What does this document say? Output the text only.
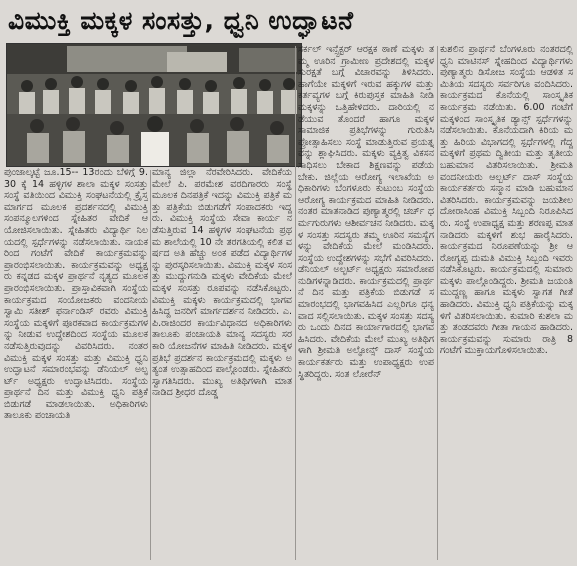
ವಿಮುಕ್ತಿ ಮಕ್ಕಳ ಸಂಸತ್ತು, ಧ್ವನಿ ಉದ್ಘಾಟನೆ

ಪುಂಜಾಲ್ಕಟ್ಟೆ ಜೂ.15-- 13ರಂದು ಬೆಳಿಗ್ಗೆ 9.30 ಕ್ಕೆ 14 ಹಳ್ಳಿಗಳ ಶಾಲಾ ಮಕ್ಕಳ ಸಂಸತ್ತು ಸಂಸ್ಥೆ ವತಿಯಿಂದ ವಿಮುಕ್ತಿ ಸಂಘಟನೆಯಲ್ಲಿ ಕ್ರೈಸ್ತ ಮಾರ್ಗದ ಮೂಲಕ ಪ್ರದರ್ಶನದಲ್ಲಿ ವಿಮುಕ್ತಿ ಸಂಪನ್ಮೂಲಗಳಿಂದ ಸ್ನೇಹಿತರ ವೇದಿಕೆ ಆಯೋಜಿಸಲಾಯಿತು. ಸ್ನೇಹಿತರು ವಿದ್ಯಾರ್ಥಿ ನಿಲಯದಲ್ಲಿ ಸ್ಪರ್ಧೆಗಳನ್ನು ನಡೆಸಲಾಯಿತು. ನಾಯಕರಿಂದ ಗಂಟೆಗೆ ವೇದಿಕೆ ಕಾರ್ಯಕ್ರಮವನ್ನು ಪ್ರಾರಂಭಿಸಲಾಯಿತು. ಕಾರ್ಯಕ್ರಮವನ್ನು ಅಧ್ಯಕ್ಷರು ಕನ್ನಡದ ಮಕ್ಕಳ ಪ್ರಾರ್ಥನೆ ನೃತ್ಯದ ಮೂಲಕ ಪ್ರಾರಂಭಿಸಲಾಯಿತು. ಪ್ರಾಸ್ತಾವಿಕವಾಗಿ ಸಂಸ್ಥೆಯ ಕಾರ್ಯಕ್ರಮದ ಸಂಯೋಜಕರು ವಂದನೀಯ ಸ್ವಾಮಿ ಸತೀಶ್ ಫರ್ನಾಂಡಿಸ್ ರವರು ವಿಮುಕ್ತಿ ಸಂಸ್ಥೆಯ ಮಕ್ಕಳಿಗೆ ಪೂರಕವಾದ ಕಾರ್ಯಕ್ರಮಗಳನ್ನು ನೀಡುವ ಉದ್ದೇಶದಿಂದ ಸಂಸ್ಥೆಯ ಮೂಲಕ ನಡೆಸುತ್ತಿರುವುದನ್ನು ವಿವರಿಸಿದರು. ನಂತರ ವಿಮುಕ್ತಿ ಮಕ್ಕಳ ಸಂಸತ್ತು ಮತ್ತು ವಿಮುಕ್ತಿ ಧ್ವನಿ ಉದ್ಘಾಟನೆ ಸಮಾರಂಭವನ್ನು ಡೆನಿಯಲ್ ಅಲ್ಫರ್ಟ್ ಅಧ್ಯಕ್ಷರು ಉದ್ಘಾಟಿಸಿದರು. ಸಂಸ್ಥೆಯ ಪ್ರಾರ್ಥನೆ ದಿನ ಮತ್ತು ವಿಮುಕ್ತಿ ಧ್ವನಿ ಪತ್ರಿಕೆ ಬಿಡುಗಡೆ ಮಾಡಲಾಯಿತು. ಅಧಿಕಾರಿಗಳು ತಾಲೂಕು ಪಂಚಾಯತಿ

ಮಾನ್ಯ ಜಿಲ್ಲಾ ನೆರವೇರಿಸಿದರು. ವೇದಿಕೆಯ ಮೇಲೆ ಪಿ. ಪರಮೇಶ ವರದಿಗಾರರು ಸಂಸ್ಥೆ ಮೂಲಕ ದಿನಪತ್ರಿಕೆ ಇದನ್ನು ವಿಮುಕ್ತಿ ಪತ್ರಿಕೆ ಮತ್ತು ಪತ್ರಿಕೆಯ ಬಿಡುಗಡೆಗೆ ಸಂಪಾದಕರು ಇದ್ದರು. ವಿಮುಕ್ತಿ ಸಂಸ್ಥೆಯ ಸೇವಾ ಕಾರ್ಯ ನಡೆಸುತ್ತಿರುವ 14 ಹಳ್ಳಿಗಳ ಸಂಘಟನೆಯ ಪ್ರಥಮ ಶಾಲೆಯಲ್ಲಿ 10 ನೇ ತರಗತಿಯಲ್ಲಿ ಕಲಿತ ವರ್ಷದ ಅತಿ ಹೆಚ್ಚು ಅಂಕ ಪಡೆದ ವಿದ್ಯಾರ್ಥಿಗಳನ್ನು ಪುರಸ್ಕರಿಸಲಾಯಿತು. ವಿಮುಕ್ತಿ ಮಕ್ಕಳ ಸಂಸತ್ತು ಮುದ್ದುಗನುಡಿ ಮಕ್ಕಳು ವೇದಿಕೆಯ ಮೇಲೆ ಮಕ್ಕಳ ಸಂಸತ್ತು ರೂಪವನ್ನು ನಡೆಸಿಕೊಟ್ಟರು. ವಿಮುಕ್ತಿ ಮಕ್ಕಳು ಕಾರ್ಯಕ್ರಮದಲ್ಲಿ ಭಾಗವಹಿಸಿದ್ದ ಜನರಿಗೆ ಮಾರ್ಗದರ್ಶನ ನೀಡಿದರು. ಎ.ಪಿ.ರಾಜಿಂದರ ಕಾರ್ಯವಿಧಾನದ ಅಧಿಕಾರಿಗಳು ತಾಲೂಕು ಪಂಚಾಯತಿ ಮಾನ್ಯ ಸದಸ್ಯರು ಸರಕಾರಿ ಯೋಜನೆಗಳ ಮಾಹಿತಿ ನೀಡಿದರು. ಮಕ್ಕಳ ಪ್ರತಿಭೆ ಪ್ರದರ್ಶನ ಕಾರ್ಯಕ್ರಮದಲ್ಲಿ ಮಕ್ಕಳು ಅತ್ಯಂತ ಉತ್ಸಾಹದಿಂದ ಪಾಲ್ಗೊಂಡರು. ಸ್ನೇಹಿತರು ಸ್ವಾಗತಿಸಿದರು. ಮುಖ್ಯ ಅತಿಥಿಗಳಾಗಿ ಮಾತನಾಡಿದ ಶ್ರೀಧರ ದೊಡ್ಡ

ಸರ್ಕಲ್ ಇನ್ಸ್ಪೆಕ್ಟರ್ ಆರಕ್ಷಕ ಠಾಣೆ ಮಕ್ಕಳು ತಮ್ಮ ಊರಿನ ಗ್ರಾಮೀಣ ಪ್ರದೇಶದಲ್ಲಿ ಮಕ್ಕಳ ಸುರಕ್ಷತೆ ಬಗ್ಗೆ ವಿಚಾರವನ್ನು ತಿಳಿಸಿದರು. ಹಾಗೆಯೇ ಮಕ್ಕಳಿಗೆ ಇರುವ ಹಕ್ಕುಗಳ ಮತ್ತು ಕರ್ತವ್ಯಗಳ ಬಗ್ಗೆ ಕಿರುಪುಸ್ತಕ ಮಾಹಿತಿ ನೀಡಿ ಮಕ್ಕಳನ್ನು ಒತ್ತಿಹೇಳಿದರು. ದಾರಿಯಲ್ಲಿ ನಡೆಯುವ ತೊಂದರೆ ಹಾಗೂ ಮಕ್ಕಳ ಸಾಮಾಜಿಕ ಪ್ರತಿಭೆಗಳನ್ನು ಗುರುತಿಸಿ ಪ್ರೋತ್ಸಾಹಿಸಲು ಸಂಸ್ಥೆ ಮಾಡುತ್ತಿರುವ ಪ್ರಯತ್ನವನ್ನು ಶ್ಲಾಘಿಸಿದರು. ಮಕ್ಕಳು ವ್ಯಕ್ತಿತ್ವ ವಿಕಸನ ಸಾಧಿಸಲು ಬೇಕಾದ ಶಿಕ್ಷಣವನ್ನು ಪಡೆಯಬೇಕು. ಜಿಲ್ಲೆಯ ಆರೋಗ್ಯ ಇಲಾಖೆಯ ಅಧಿಕಾರಿಗಳು ಬೆಂಗಳೂರು ಕುಟುಂಬ ಸಂಸ್ಥೆಯ ಆರೋಗ್ಯ ಕಾರ್ಯಕ್ರಮದ ಮಾಹಿತಿ ನೀಡಿದರು. ನಂತರ ಮಾತನಾಡಿದ ಪುಣ್ಯಾತ್ಮರಲ್ಲಿ ಚರ್ಚ್ ಧರ್ಮಗುರುಗಳು ಆಶೀರ್ವಚನ ನೀಡಿದರು. ಮಕ್ಕಳ ಸಂಸತ್ತು ಸದಸ್ಯರು ತಮ್ಮ ಊರಿನ ಸಮಸ್ಯೆಗಳನ್ನು ವೇದಿಕೆಯ ಮೇಲೆ ಮಂಡಿಸಿದರು. ಸಂಸ್ಥೆಯ ಉದ್ದೇಶಗಳನ್ನು ಸಭೆಗೆ ವಿವರಿಸಿದರು. ಡೆನಿಯಲ್ ಅಲ್ಫರ್ಟ್ ಅಧ್ಯಕ್ಷರು ಸಮಾರೋಪ ನುಡಿಗಳನ್ನಾಡಿದರು. ಕಾರ್ಯಕ್ರಮದಲ್ಲಿ ಪ್ರಾರ್ಥನೆ ದಿನ ಮತ್ತು ಪತ್ರಿಕೆಯ ಬಿಡುಗಡೆ ಸಮಾರಂಭದಲ್ಲಿ ಭಾಗವಹಿಸಿದ ಎಲ್ಲರಿಗೂ ಧನ್ಯವಾದ ಸಲ್ಲಿಸಲಾಯಿತು. ಮಕ್ಕಳ ಸಂಸತ್ತು ಸದಸ್ಯರು ಒಂದು ದಿನದ ಕಾರ್ಯಾಗಾರದಲ್ಲಿ ಭಾಗವಹಿಸಿದರು. ವೇದಿಕೆಯ ಮೇಲೆ ಮುಖ್ಯ ಅತಿಥಿಗಳಾಗಿ ಶ್ರೀಮತಿ ಅಲ್ಫೋನ್ಸ್ ದಾಸ್ ಸಂಸ್ಥೆಯ ಕಾರ್ಯಕರ್ತರು ಮತ್ತು ಉಪಾಧ್ಯಕ್ಷರು ಉಪಸ್ಥಿತರಿದ್ದರು. ಸಂತ ಲೋರೆನ್

ಕುಶಲಿನ ಪ್ರಾರ್ಥನೆ ಬೆಂಗಳೂರು ನಂತರದಲ್ಲಿ ಧ್ವನಿ ಮಾಟಿನಸ್ ಸ್ನೇಹದಿಂದ ವಿದ್ಯಾರ್ಥಿಗಳು ಪುಣ್ಯಾತ್ಮರು ಡಿಸೋಜ ಸಂಸ್ಥೆಯ ಆಡಳಿತ ಸಮಿತಿಯ ಸದಸ್ಯರು ಸರ್ವರಿಗೂ ವಂದಿಸಿದರು. ಕಾರ್ಯಕ್ರಮದ ಕೊನೆಯಲ್ಲಿ ಸಾಂಸ್ಕೃತಿಕ ಕಾರ್ಯಕ್ರಮ ನಡೆಯಿತು. 6.00 ಗಂಟೆಗೆ ಮಕ್ಕಳಿಂದ ಸಾಂಸ್ಕೃತಿಕ ಡ್ಯಾನ್ಸ್ ಸ್ಪರ್ಧೆಗಳನ್ನು ನಡೆಸಲಾಯಿತು. ಕೊನೆಯದಾಗಿ ಕಿರಿಯ ಮತ್ತು ಹಿರಿಯ ವಿಭಾಗದಲ್ಲಿ ಸ್ಪರ್ಧೆಗಳಲ್ಲಿ ಗೆದ್ದ ಮಕ್ಕಳಿಗೆ ಪ್ರಥಮ ದ್ವಿತೀಯ ಮತ್ತು ತೃತೀಯ ಬಹುಮಾನ ವಿತರಿಸಲಾಯಿತು. ಶ್ರೀಮತಿ ವಂದನೀಯರು ಆಲ್ಬರ್ಟ್ ದಾಸ್ ಸಂಸ್ಥೆಯ ಕಾರ್ಯಕರ್ತರು ಸನ್ಮಾನ ಮಾಡಿ ಬಹುಮಾನ ವಿತರಿಸಿದರು. ಕಾರ್ಯಕ್ರಮವನ್ನು ಜಯಶೀಲ ದೋರಾಸಿಂಹ ವಿಮುಕ್ತಿ ಸಿಬ್ಬಂದಿ ನಿರೂಪಿಸಿದರು. ಸಂಸ್ಥೆ ಉಪಾಧ್ಯಕ್ಷ ಮತ್ತು ಶರಣಪ್ಪ ಮಾತನಾಡಿದರು ಮಕ್ಕಳಿಗೆ ಶುಭ ಹಾರೈಸಿದರು. ಕಾರ್ಯಕ್ರಮದ ನಿರೂಪಣೆಯನ್ನು ಶ್ರೀ ಆರೋಗ್ಯಪ್ಪ ದುಮತಿ ವಿಮುಕ್ತಿ ಸಿಬ್ಬಂದಿ ಇವರು ನಡೆಸಿಕೊಟ್ಟರು. ಕಾರ್ಯಕ್ರಮದಲ್ಲಿ ಸುಮಾರು ಮಕ್ಕಳು ಪಾಲ್ಗೊಂಡಿದ್ದರು. ಶ್ರೀಮತಿ ಜಯಂತಿ ಮುದ್ದಣ್ಣ ಹಾಗೂ ಮಕ್ಕಳು ಸ್ವಾಗತ ಗೀತೆ ಹಾಡಿದರು. ವಿಮುಕ್ತಿ ಧ್ವನಿ ಪತ್ರಿಕೆಯನ್ನು ಮಕ್ಕಳಿಗೆ ವಿತರಿಸಲಾಯಿತು. ಕುಮಾರಿ ಕುಶಲಾ ಮತ್ತು ತಂಡದವರು ಗೀತಾ ಗಾಯನ ಹಾಡಿದರು. ಕಾರ್ಯಕ್ರಮವನ್ನು ಸುಮಾರು ರಾತ್ರಿ 8 ಗಂಟೆಗೆ ಮುಕ್ತಾಯಗೊಳಿಸಲಾಯಿತು.
